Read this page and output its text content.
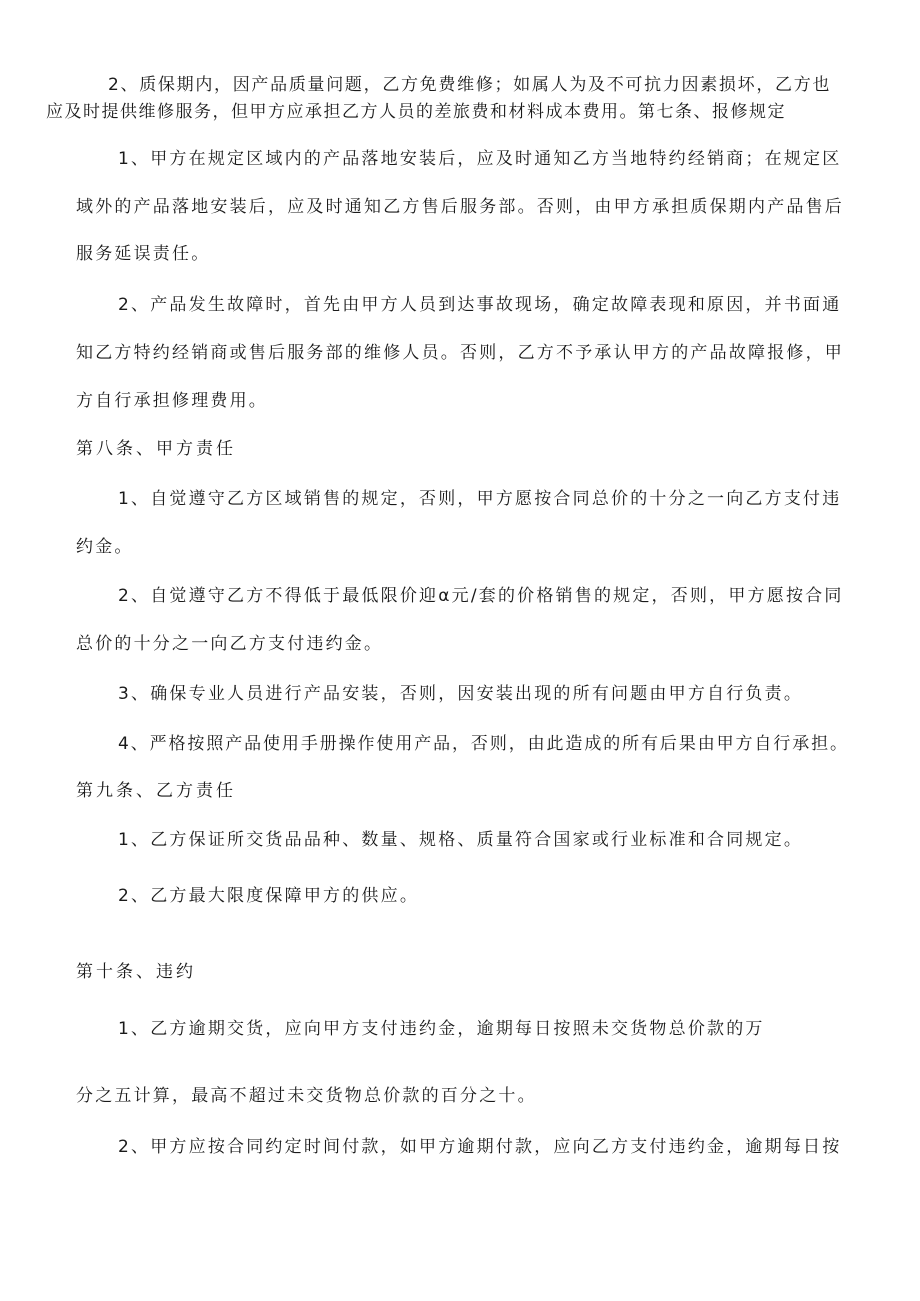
2、质保期内，因产品质量问题，乙方免费维修；如属人为及不可抗力因素损坏，乙方也
应及时提供维修服务，但甲方应承担乙方人员的差旅费和材料成本费用。第七条、报修规定
1、甲方在规定区域内的产品落地安装后，应及时通知乙方当地特约经销商；在规定区
域外的产品落地安装后，应及时通知乙方售后服务部。否则，由甲方承担质保期内产品售后
服务延误责任。
2、产品发生故障时，首先由甲方人员到达事故现场，确定故障表现和原因，并书面通
知乙方特约经销商或售后服务部的维修人员。否则，乙方不予承认甲方的产品故障报修，甲
方自行承担修理费用。
第八条、甲方责任
1、自觉遵守乙方区域销售的规定，否则，甲方愿按合同总价的十分之一向乙方支付违
约金。
2、自觉遵守乙方不得低于最低限价迎α元/套的价格销售的规定，否则，甲方愿按合同
总价的十分之一向乙方支付违约金。
3、确保专业人员进行产品安装，否则，因安装出现的所有问题由甲方自行负责。
4、严格按照产品使用手册操作使用产品，否则，由此造成的所有后果由甲方自行承担。
第九条、乙方责任
1、乙方保证所交货品品种、数量、规格、质量符合国家或行业标准和合同规定。
2、乙方最大限度保障甲方的供应。
第十条、违约
1、乙方逾期交货，应向甲方支付违约金，逾期每日按照未交货物总价款的万
分之五计算，最高不超过未交货物总价款的百分之十。
2、甲方应按合同约定时间付款，如甲方逾期付款，应向乙方支付违约金，逾期每日按
